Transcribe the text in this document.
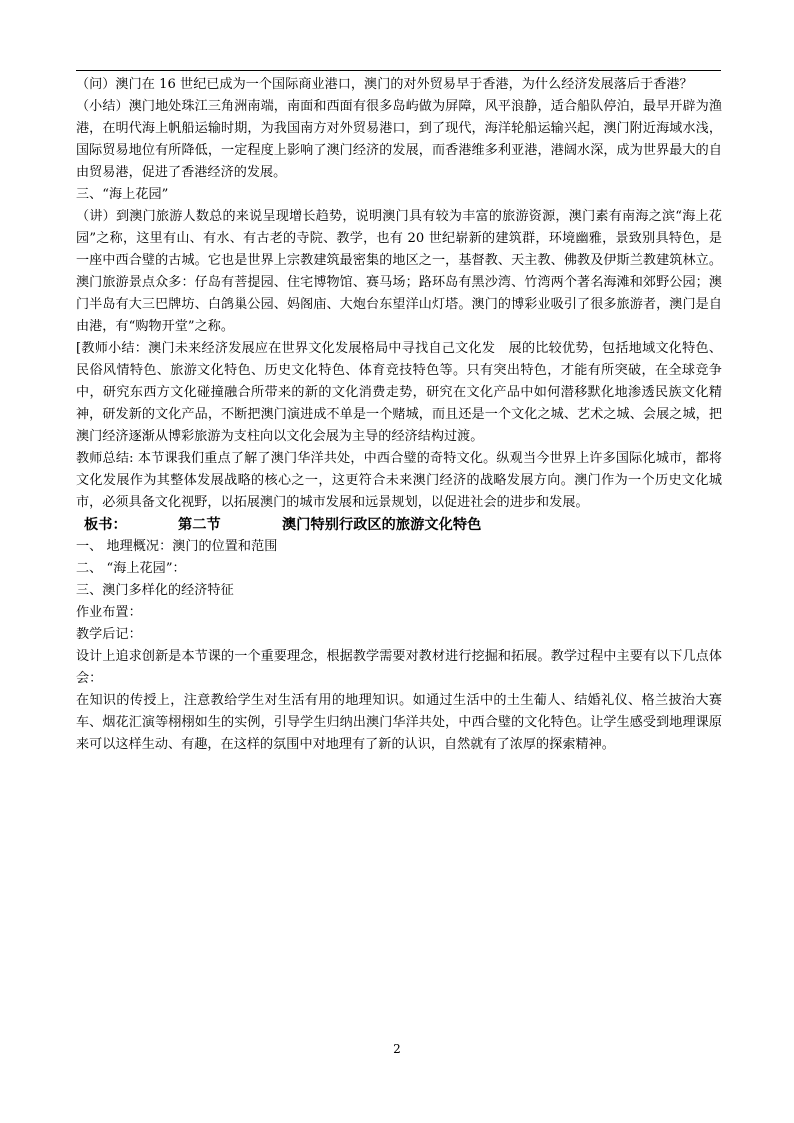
（问）澳门在 16 世纪已成为一个国际商业港口，澳门的对外贸易早于香港，为什么经济发展落后于香港？

（小结）澳门地处珠江三角洲南端，南面和西面有很多岛屿做为屏障，风平浪静，适合船队停泊，最早开辟为渔港，在明代海上帆船运输时期，为我国南方对外贸易港口，到了现代，海洋轮船运输兴起，澳门附近海域水浅，国际贸易地位有所降低，一定程度上影响了澳门经济的发展，而香港维多利亚港，港阔水深，成为世界最大的自由贸易港，促进了香港经济的发展。

三、“海上花园”

（讲）到澳门旅游人数总的来说呈现增长趋势，说明澳门具有较为丰富的旅游资源，澳门素有南海之滨“海上花园”之称，这里有山、有水、有古老的寺院、教学，也有 20 世纪崭新的建筑群，环境幽雅，景致别具特色，是一座中西合璧的古城。它也是世界上宗教建筑最密集的地区之一，基督教、天主教、佛教及伊斯兰教建筑林立。澳门旅游景点众多：仔岛有菩提园、住宅博物馆、赛马场；路环岛有黑沙湾、竹湾两个著名海滩和郊野公园；澳门半岛有大三巴牌坊、白鸽巢公园、妈阁庙、大炮台东望洋山灯塔。澳门的博彩业吸引了很多旅游者，澳门是自由港，有“购物开堂”之称。

[教师小结：澳门未来经济发展应在世界文化发展格局中寻找自己文化发　展的比较优势，包括地域文化特色、民俗风情特色、旅游文化特色、历史文化特色、体育竞技特色等。只有突出特色，才能有所突破，在全球竞争中，研究东西方文化碰撞融合所带来的新的文化消费走势，研究在文化产品中如何潜移默化地渗透民族文化精神，研发新的文化产品，不断把澳门演进成不单是一个赌城，而且还是一个文化之城、艺术之城、会展之城，把澳门经济逐渐从博彩旅游为支柱向以文化会展为主导的经济结构过渡。

教师总结: 本节课我们重点了解了澳门华洋共处，中西合璧的奇特文化。纵观当今世界上许多国际化城市，都将文化发展作为其整体发展战略的核心之一，这更符合未来澳门经济的战略发展方向。澳门作为一个历史文化城市，必须具备文化视野，以拓展澳门的城市发展和远景规划，以促进社会的进步和发展。

板书：	第二节	澳门特别行政区的旅游文化特色

一、 地理概况：澳门的位置和范围

二、 “海上花园”：

三、澳门多样化的经济特征

作业布置：

教学后记：

设计上追求创新是本节课的一个重要理念，根据教学需要对教材进行挖掘和拓展。教学过程中主要有以下几点体会：

在知识的传授上，注意教给学生对生活有用的地理知识。如通过生活中的土生葡人、结婚礼仪、格兰披治大赛车、烟花汇演等栩栩如生的实例，引导学生归纳出澳门华洋共处，中西合璧的文化特色。让学生感受到地理课原来可以这样生动、有趣，在这样的氛围中对地理有了新的认识，自然就有了浓厚的探索精神。

2
